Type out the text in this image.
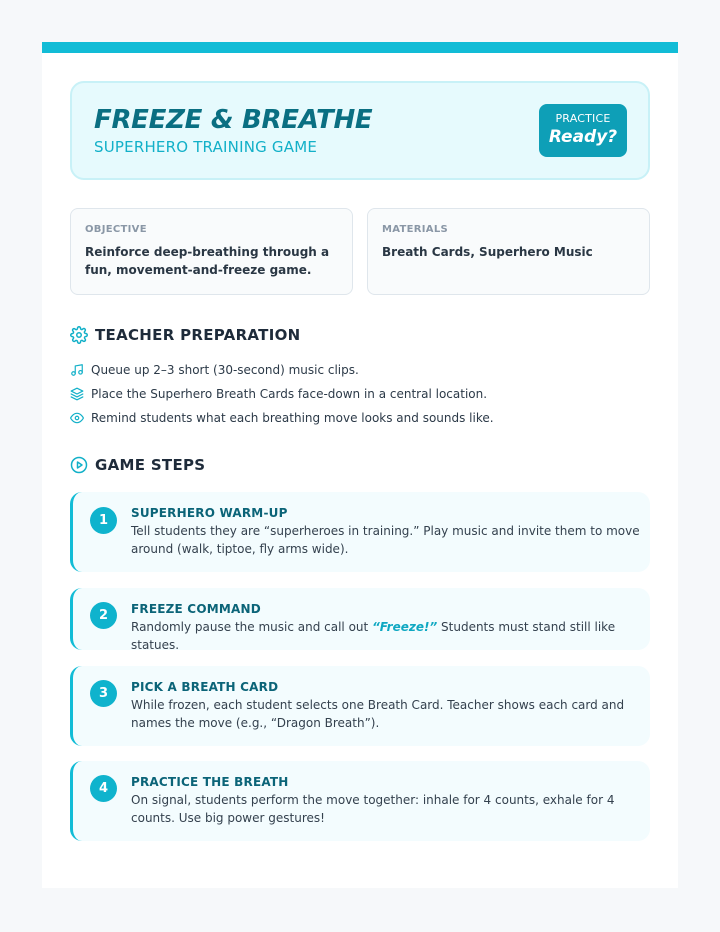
FREEZE & BREATHE
SUPERHERO TRAINING GAME
PRACTICE
Ready?
OBJECTIVE
Reinforce deep-breathing through a fun, movement-and-freeze game.
MATERIALS
Breath Cards, Superhero Music
TEACHER PREPARATION
Queue up 2–3 short (30-second) music clips.
Place the Superhero Breath Cards face-down in a central location.
Remind students what each breathing move looks and sounds like.
GAME STEPS
1	SUPERHERO WARM-UP
Tell students they are “superheroes in training.” Play music and invite them to move around (walk, tiptoe, fly arms wide).
2	FREEZE COMMAND
Randomly pause the music and call out “Freeze!” Students must stand still like statues.
3	PICK A BREATH CARD
While frozen, each student selects one Breath Card. Teacher shows each card and names the move (e.g., “Dragon Breath”).
4	PRACTICE THE BREATH
On signal, students perform the move together: inhale for 4 counts, exhale for 4 counts. Use big power gestures!
